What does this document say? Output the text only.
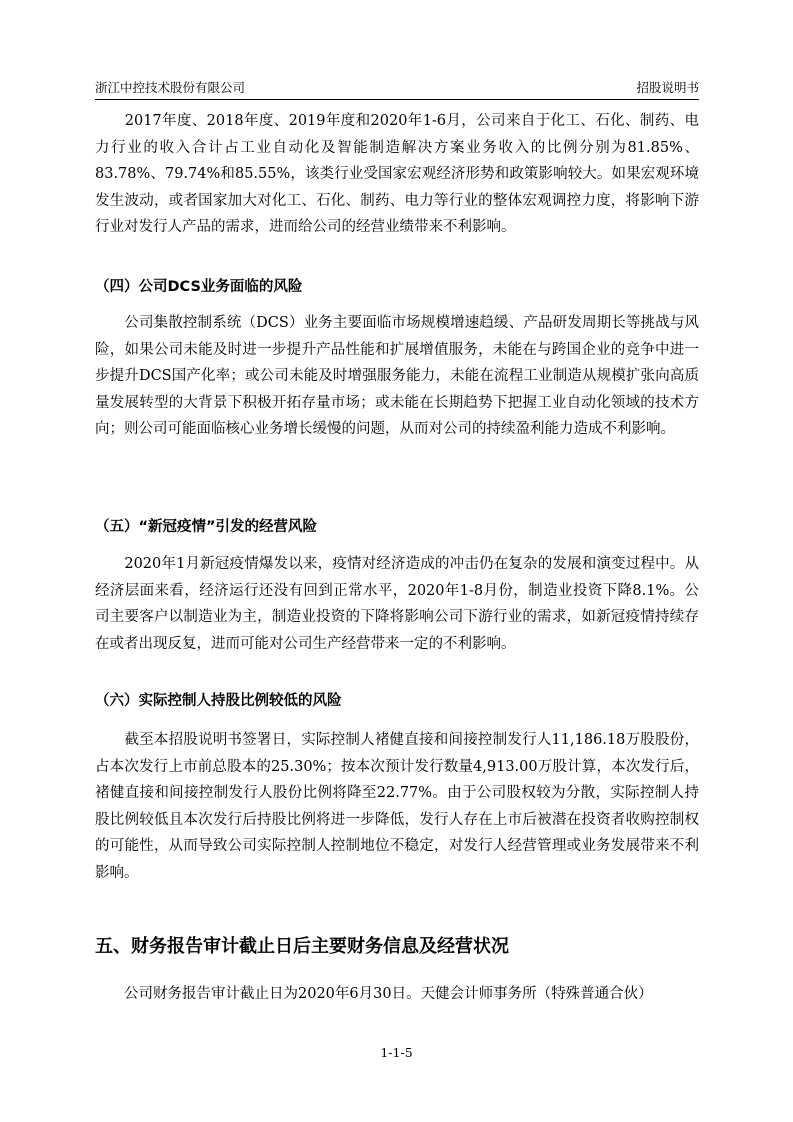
浙江中控技术股份有限公司	招股说明书

　　2017年度、2018年度、2019年度和2020年1-6月，公司来自于化工、石化、制药、电力行业的收入合计占工业自动化及智能制造解决方案业务收入的比例分别为81.85%、83.78%、79.74%和85.55%，该类行业受国家宏观经济形势和政策影响较大。如果宏观环境发生波动，或者国家加大对化工、石化、制药、电力等行业的整体宏观调控力度，将影响下游行业对发行人产品的需求，进而给公司的经营业绩带来不利影响。

（四）公司DCS业务面临的风险

　　公司集散控制系统（DCS）业务主要面临市场规模增速趋缓、产品研发周期长等挑战与风险，如果公司未能及时进一步提升产品性能和扩展增值服务，未能在与跨国企业的竞争中进一步提升DCS国产化率；或公司未能及时增强服务能力，未能在流程工业制造从规模扩张向高质量发展转型的大背景下积极开拓存量市场；或未能在长期趋势下把握工业自动化领域的技术方向；则公司可能面临核心业务增长缓慢的问题，从而对公司的持续盈利能力造成不利影响。

（五）“新冠疫情”引发的经营风险

　　2020年1月新冠疫情爆发以来，疫情对经济造成的冲击仍在复杂的发展和演变过程中。从经济层面来看，经济运行还没有回到正常水平，2020年1-8月份，制造业投资下降8.1%。公司主要客户以制造业为主，制造业投资的下降将影响公司下游行业的需求，如新冠疫情持续存在或者出现反复，进而可能对公司生产经营带来一定的不利影响。

（六）实际控制人持股比例较低的风险

　　截至本招股说明书签署日，实际控制人褚健直接和间接控制发行人11,186.18万股股份，占本次发行上市前总股本的25.30%；按本次预计发行数量4,913.00万股计算，本次发行后，褚健直接和间接控制发行人股份比例将降至22.77%。由于公司股权较为分散，实际控制人持股比例较低且本次发行后持股比例将进一步降低，发行人存在上市后被潜在投资者收购控制权的可能性，从而导致公司实际控制人控制地位不稳定，对发行人经营管理或业务发展带来不利影响。

五、财务报告审计截止日后主要财务信息及经营状况

　　公司财务报告审计截止日为2020年6月30日。天健会计师事务所（特殊普通合伙）

1-1-5
